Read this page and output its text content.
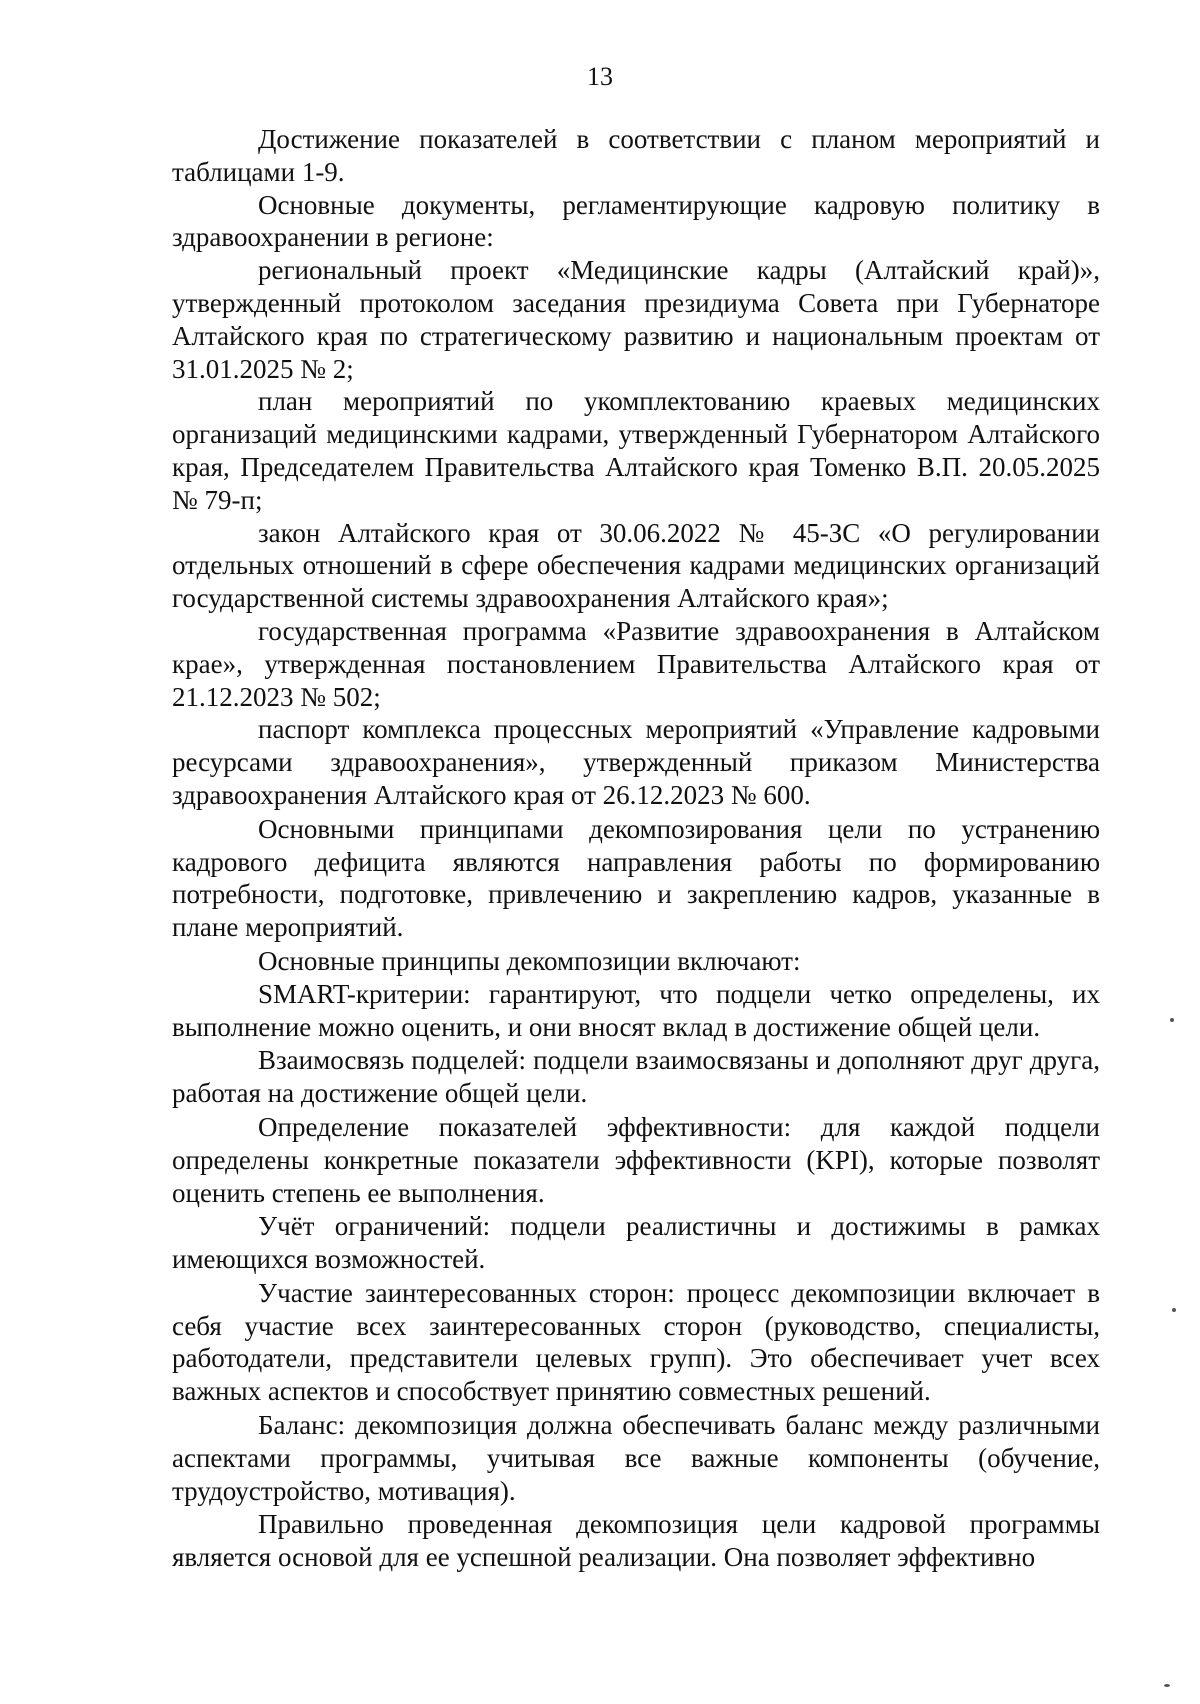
13

Достижение показателей в соответствии с планом мероприятий и таблицами 1-9.

Основные документы, регламентирующие кадровую политику в здравоохранении в регионе:

региональный проект «Медицинские кадры (Алтайский край)», утвержденный протоколом заседания президиума Совета при Губернаторе Алтайского края по стратегическому развитию и национальным проектам от 31.01.2025 № 2;

план мероприятий по укомплектованию краевых медицинских организаций медицинскими кадрами, утвержденный Губернатором Алтайского края, Председателем Правительства Алтайского края Томенко В.П. 20.05.2025 № 79-п;

закон Алтайского края от 30.06.2022 № 45-ЗС «О регулировании отдельных отношений в сфере обеспечения кадрами медицинских организаций государственной системы здравоохранения Алтайского края»;

государственная программа «Развитие здравоохранения в Алтайском крае», утвержденная постановлением Правительства Алтайского края от 21.12.2023 № 502;

паспорт комплекса процессных мероприятий «Управление кадровыми ресурсами здравоохранения», утвержденный приказом Министерства здравоохранения Алтайского края от 26.12.2023 № 600.

Основными принципами декомпозирования цели по устранению кадрового дефицита являются направления работы по формированию потребности, подготовке, привлечению и закреплению кадров, указанные в плане мероприятий.

Основные принципы декомпозиции включают:

SMART-критерии: гарантируют, что подцели четко определены, их выполнение можно оценить, и они вносят вклад в достижение общей цели.

Взаимосвязь подцелей: подцели взаимосвязаны и дополняют друг друга, работая на достижение общей цели.

Определение показателей эффективности: для каждой подцели определены конкретные показатели эффективности (KPI), которые позволят оценить степень ее выполнения.

Учёт ограничений: подцели реалистичны и достижимы в рамках имеющихся возможностей.

Участие заинтересованных сторон: процесс декомпозиции включает в себя участие всех заинтересованных сторон (руководство, специалисты, работодатели, представители целевых групп). Это обеспечивает учет всех важных аспектов и способствует принятию совместных решений.

Баланс: декомпозиция должна обеспечивать баланс между различными аспектами программы, учитывая все важные компоненты (обучение, трудоустройство, мотивация).

Правильно проведенная декомпозиция цели кадровой программы является основой для ее успешной реализации. Она позволяет эффективно
